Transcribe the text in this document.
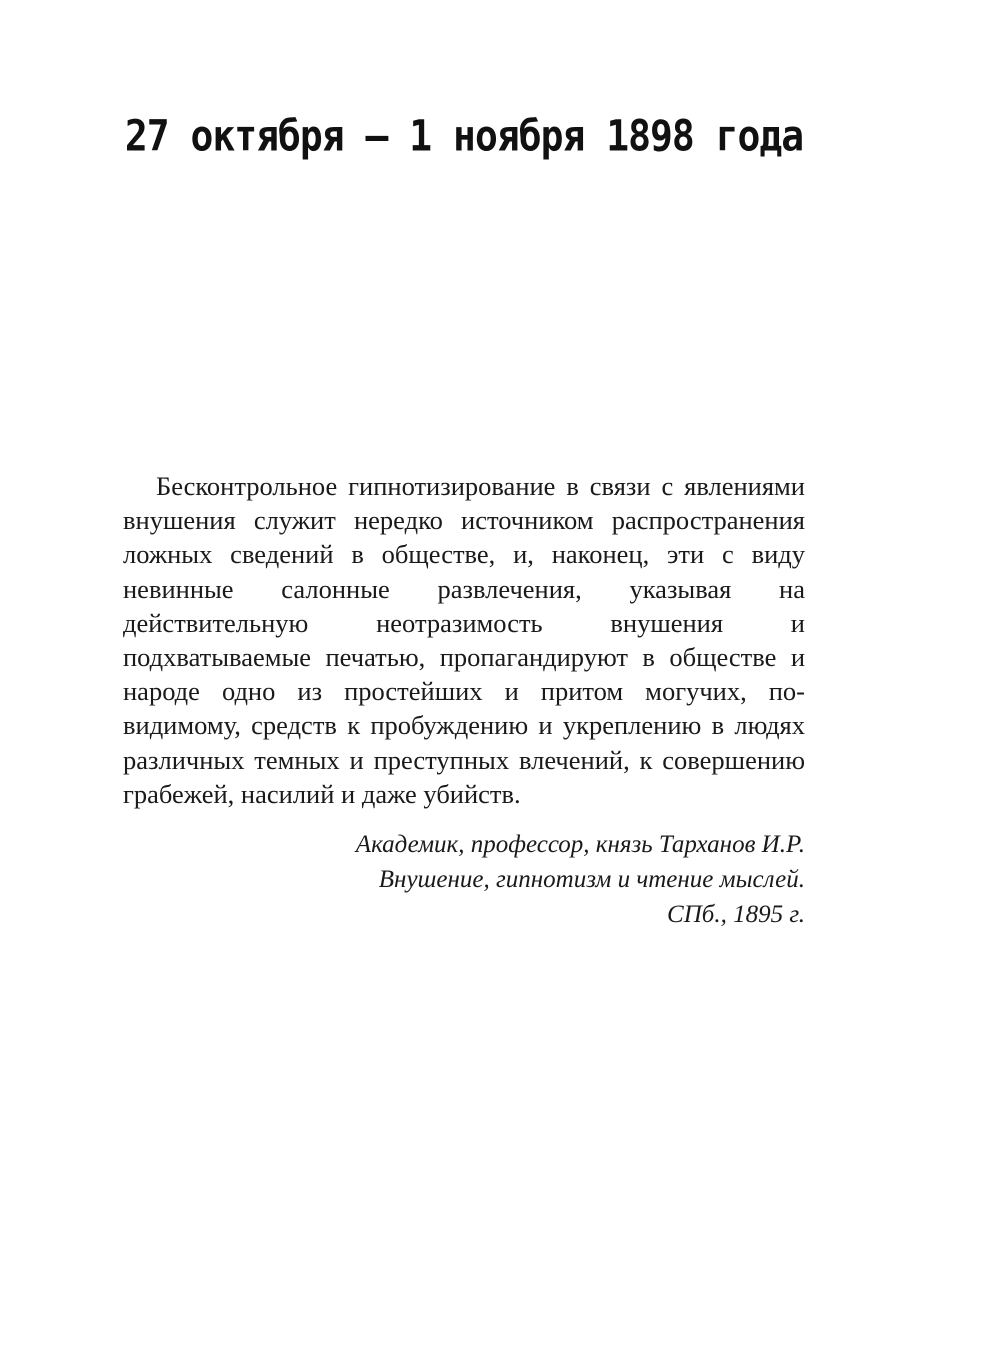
27 октября – 1 ноября 1898 года

Бесконтрольное гипнотизирование в связи с явлениями внушения служит нередко источником распространения ложных сведений в обществе, и, наконец, эти с виду невинные салонные развлечения, указывая на действительную неотразимость внушения и подхватываемые печатью, пропагандируют в обществе и народе одно из простейших и притом могучих, по-видимому, средств к пробуждению и укреплению в людях различных темных и преступных влечений, к совершению грабежей, насилий и даже убийств.

Академик, профессор, князь Тарханов И.Р.
Внушение, гипнотизм и чтение мыслей.
СПб., 1895 г.
